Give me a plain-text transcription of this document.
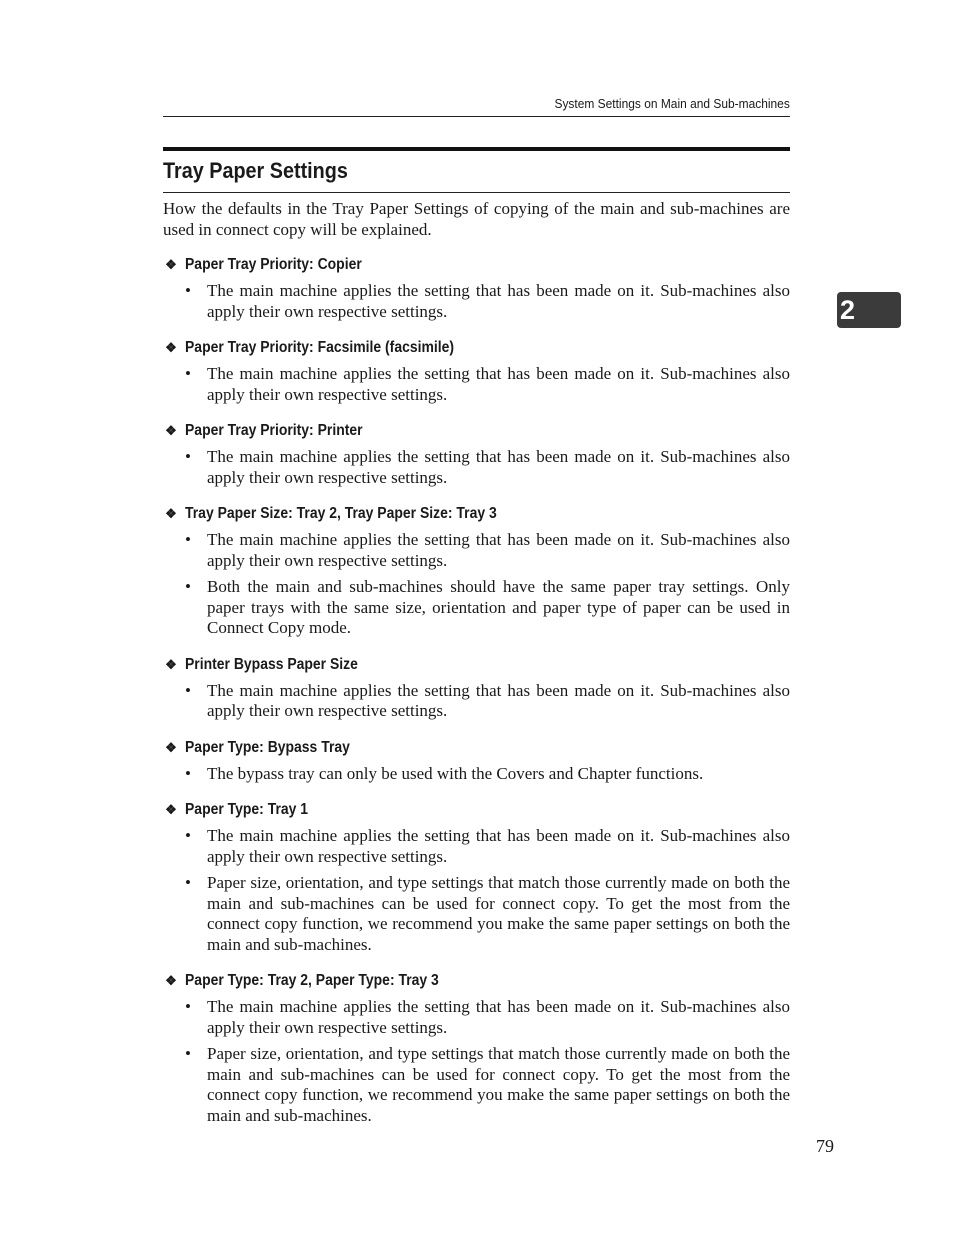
System Settings on Main and Sub-machines
Tray Paper Settings

How the defaults in the Tray Paper Settings of copying of the main and sub-machines are used in connect copy will be explained.

❖ Paper Tray Priority: Copier
• The main machine applies the setting that has been made on it. Sub-machines also apply their own respective settings.
❖ Paper Tray Priority: Facsimile (facsimile)
• The main machine applies the setting that has been made on it. Sub-machines also apply their own respective settings.
❖ Paper Tray Priority: Printer
• The main machine applies the setting that has been made on it. Sub-machines also apply their own respective settings.
❖ Tray Paper Size: Tray 2, Tray Paper Size: Tray 3
• The main machine applies the setting that has been made on it. Sub-machines also apply their own respective settings.
• Both the main and sub-machines should have the same paper tray settings. Only paper trays with the same size, orientation and paper type of paper can be used in Connect Copy mode.
❖ Printer Bypass Paper Size
• The main machine applies the setting that has been made on it. Sub-machines also apply their own respective settings.
❖ Paper Type: Bypass Tray
• The bypass tray can only be used with the Covers and Chapter functions.
❖ Paper Type: Tray 1
• The main machine applies the setting that has been made on it. Sub-machines also apply their own respective settings.
• Paper size, orientation, and type settings that match those currently made on both the main and sub-machines can be used for connect copy. To get the most from the connect copy function, we recommend you make the same paper settings on both the main and sub-machines.
❖ Paper Type: Tray 2, Paper Type: Tray 3
• The main machine applies the setting that has been made on it. Sub-machines also apply their own respective settings.
• Paper size, orientation, and type settings that match those currently made on both the main and sub-machines can be used for connect copy. To get the most from the connect copy function, we recommend you make the same paper settings on both the main and sub-machines.
2
79
